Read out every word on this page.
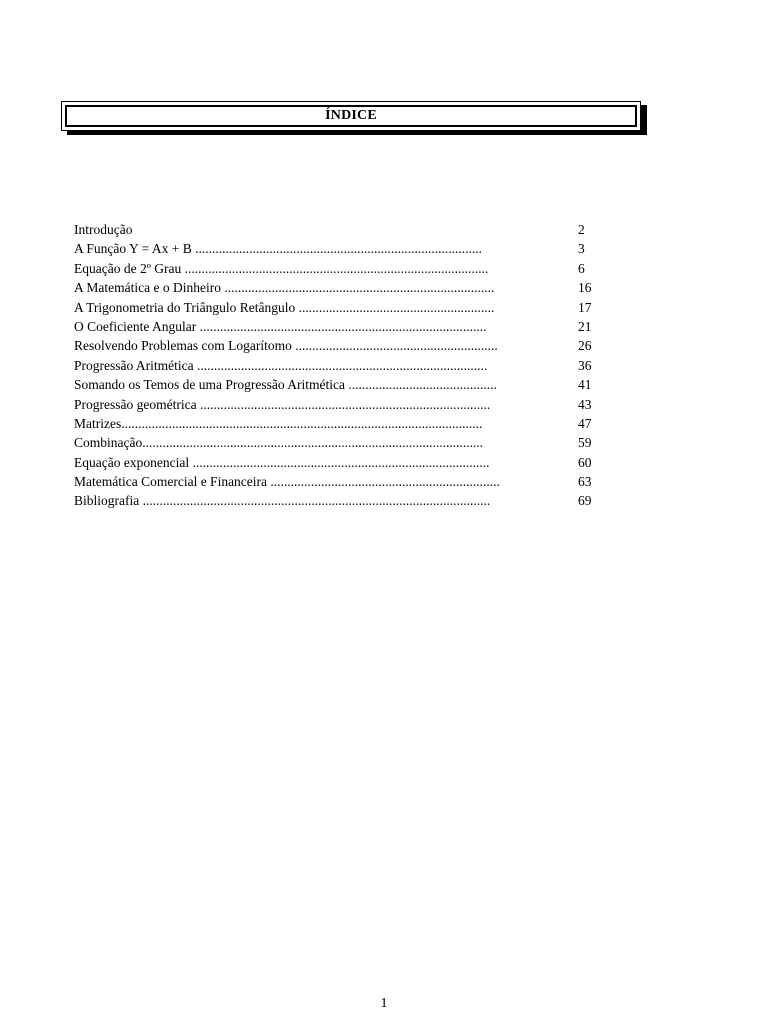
ÍNDICE
Introdução	2
A Função Y = Ax + B .....................................................................................	3
Equação de 2º Grau ..........................................................................................	6
A Matemática e o Dinheiro ................................................................................	16
A Trigonometria do Triângulo Retângulo ..........................................................	17
O Coeficiente Angular .....................................................................................	21
Resolvendo Problemas com Logarítomo ............................................................	26
Progressão Aritmética ......................................................................................	36
Somando os Temos de uma Progressão Aritmética ............................................	41
Progressão geométrica ......................................................................................	43
Matrizes...........................................................................................................	47
Combinação.....................................................................................................	59
Equação exponencial ........................................................................................	60
Matemática Comercial e Financeira ....................................................................	63
Bibliografia .......................................................................................................	69
1
